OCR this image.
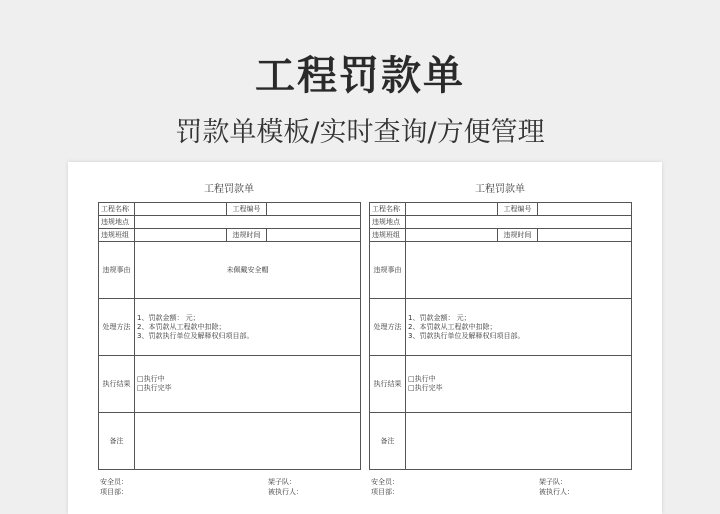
工程罚款单
罚款单模板/实时查询/方便管理
工程罚款单
工程名称		工程编号	
违规地点			
违规班组		违规时间	
违规事由	未佩戴安全帽		
处理方法	1、罚款金额： 元；
2、本罚款从工程款中扣除；
3、罚款执行单位及解释权归项目部。		

执行结果	□执行中
□执行完毕		

备注			
安全员：	架子队：
项目部：	被执行人：
工程罚款单
工程名称		工程编号	
违规地点			
违规班组		违规时间	
违规事由			
处理方法	1、罚款金额： 元；
2、本罚款从工程款中扣除；
3、罚款执行单位及解释权归项目部。		

执行结果	□执行中
□执行完毕		

备注			
安全员：	架子队：
项目部：	被执行人：
